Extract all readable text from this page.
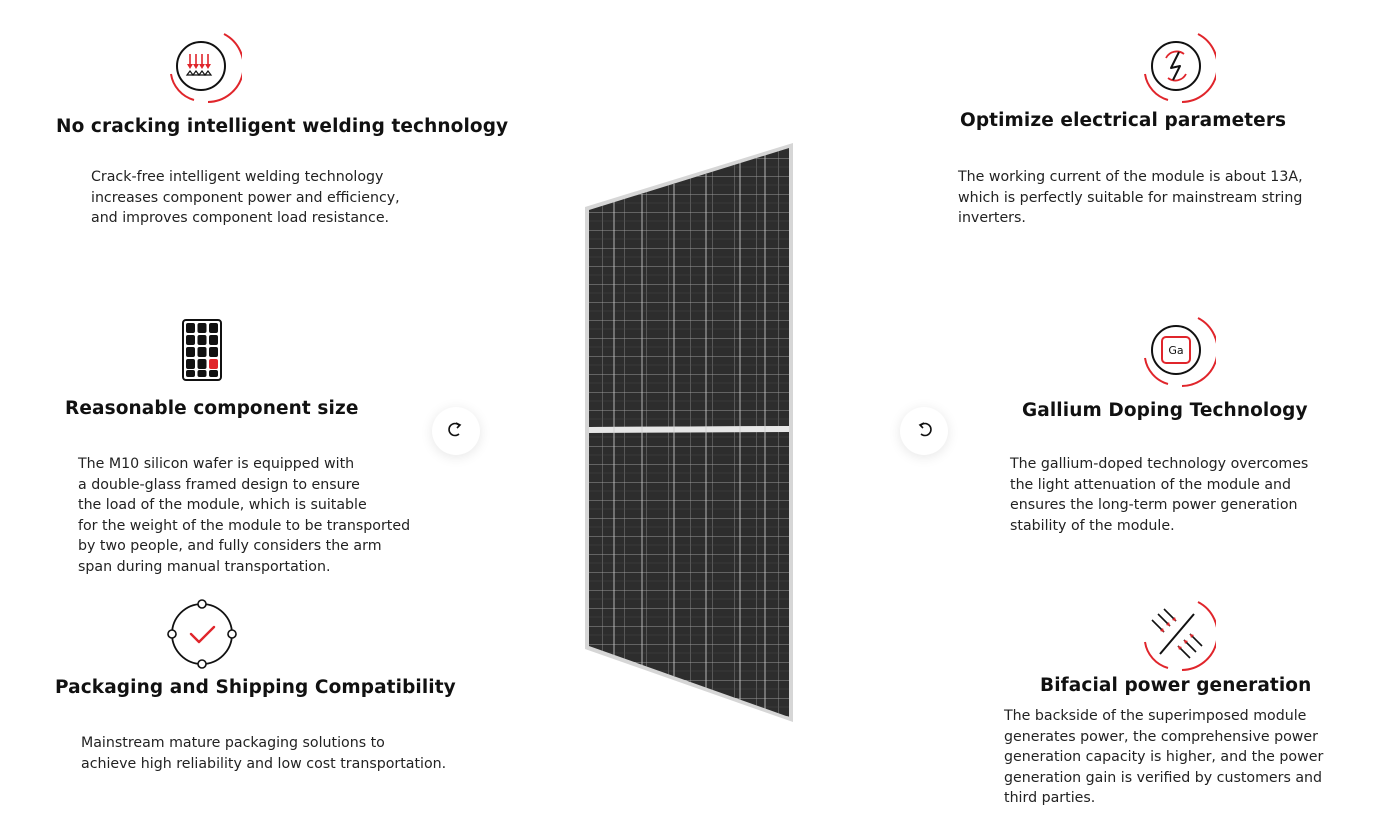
No cracking intelligent welding technology
Crack-free intelligent welding technology
increases component power and efficiency,
and improves component load resistance.
Reasonable component size
The M10 silicon wafer is equipped with
a double-glass framed design to ensure
the load of the module, which is suitable
for the weight of the module to be transported
by two people, and fully considers the arm
span during manual transportation.
Packaging and Shipping Compatibility
Mainstream mature packaging solutions to
achieve high reliability and low cost transportation.
Optimize electrical parameters
The working current of the module is about 13A,
which is perfectly suitable for mainstream string
inverters.
Ga
Gallium Doping Technology
The gallium-doped technology overcomes
the light attenuation of the module and
ensures the long-term power generation
stability of the module.
Bifacial power generation
The backside of the superimposed module
generates power, the comprehensive power
generation capacity is higher, and the power
generation gain is verified by customers and
third parties.
